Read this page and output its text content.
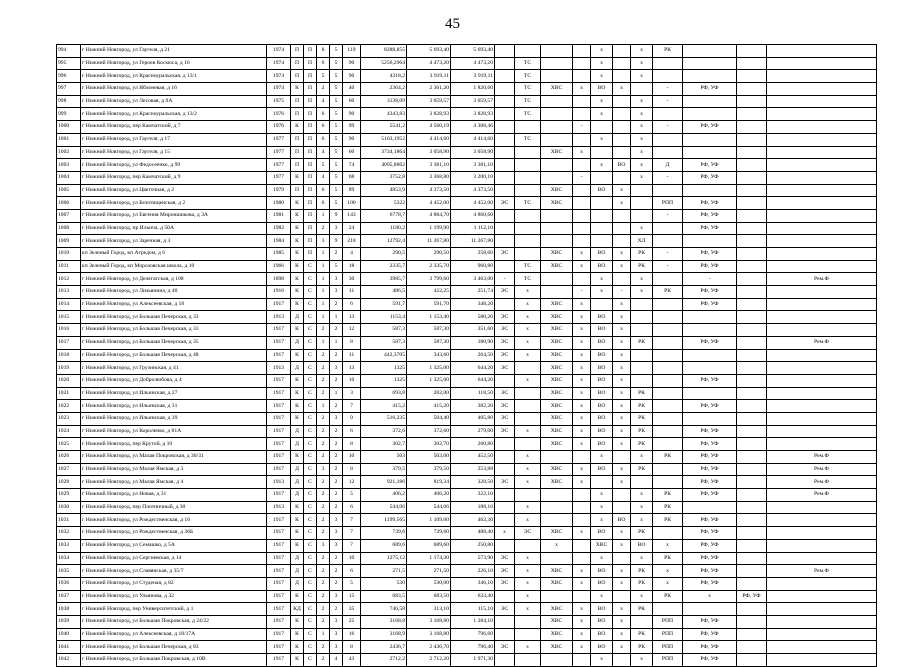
45
994	г Нижний Новгород, ул Гаугеля, д 21	1974	П	П	8	5	119	8288,855	5 693,40	5 693,40					x		x	РК			
995	г Нижний Новгород, ул Героев Космоса, д 16	1974	П	П	6	5	90	5256,2964	4 473,20	4 473,20		ТС			x		x				
996	г Нижний Новгород, ул Красноуральская, д 13/1	1974	П	П	5	5	90	4318,2	3 919,11	3 919,11		ТС			x		x				
997	г Нижний Новгород, ул Яблоневая, д 16	1974	К	П	2	5	40	2364,2	2 361,20	1 820,60		ТС	ХВС	x	ВО	x		-	РФ, УФ		
998	г Нижний Новгород, ул Лесовая, д 9А	1975	П	П	4	5	60	3138,09	3 059,57	3 059,57		ТС			x		x	-			
999	г Нижний Новгород, ул Красноуральская, д 13/2	1976	П	П	6	5	90	4343,83	3 828,93	3 828,93		ТС			x		x				
1000	г Нижний Новгород, пер Камчатский, д 7	1976	К	П	6	5	99	5541,2	4 560,19	4 308,46				-			x	-	РФ, УФ		
1001	г Нижний Новгород, ул Гаугеля, д 17	1977	П	П	6	5	90	5163,1952	4 414,60	4 414,60		ТС			x		x				
1002	г Нижний Новгород, ул Гаугеля, д 15	1977	П	П	4	5	60	3734,1864	3 058,90	3 058,90			ХВС	x			x				
1003	г Нижний Новгород, ул Федосеенко, д 99	1977	П	П	5	5	74	4095,8862	3 381,10	3 381,10					x	ВО	x	Д	РФ, УФ		
1004	г Нижний Новгород, пер Камчатский, д 9	1977	К	П	4	5	68	3752,8	3 368,80	3 200,10				-			x	-	РФ, УФ		
1005	г Нижний Новгород, ул Цветочная, д 2	1979	П	П	6	5	89	4853,9	4 373,50	4 373,50			ХВС		ВО	x					
1006	г Нижний Новгород, ул Безотищенская, д 2	1980	К	П	6	5	100	5322	4 452,00	4 452,00	ЭС	ТС	ХВС			x		РПП	РФ, УФ		
1007	г Нижний Новгород, ул Евгения Мироншикова, д 3А	1981	К	П	1	9	143	6778,7	4 884,70	4 860,60								-	РФ, УФ		
1008	г Нижний Новгород, пр Ильича, д 50А	1982	К	П	2	3	24	1180,2	1 199,90	1 112,10							x		РФ, УФ		
1009	г Нижний Новгород, ул Заречная, д 3	1984	К	П	3	9	218	12792,4	11 267,80	11 267,80							ХЛ				
1010	кп Зеленый Город, кп Агредом, д 6	1985	К	П	1	2	4	290,5	290,50	258,60	ЭС		ХВС	x	ВО	x	РК	-	РФ, УФ		
1011	кп Зеленый Город, кп Морозовская школа, д 10	1966	К	С	1	5	18	2335,7	2 335,70	960,80		ТС	ХВС	x	ВО	x	РК	-	РФ, УФ		
1012	г Нижний Новгород, ул Делегатская, д 108	1898	К	С	1	3	30	3985,7	3 799,60	3 463,00	-	ТС			x		x		-		Рем.Ф
1013	г Нижний Новгород, ул Лизьянина, д 40	1916	К	С	1	3	11	486,5	422,25	251,74	ЭС	x		-	x	-	x	РК	РФ, УФ		
1014	г Нижний Новгород, ул Алексеевская, д 18	1917	К	С	1	2	6	591,7	591,70	348,20		x	ХВС	x		x			РФ, УФ		
1015	г Нижний Новгород, ул Большая Печерская, д 33	1913	Д	С	1	1	13	1153,4	1 153,40	580,20	ЭС	x	ХВС	x	ВО	x					
1016	г Нижний Новгород, ул Большая Печерская, д 33	1917	К	С	2	2	12	587,3	587,30	351,60	ЭС	x	ХВС	x	ВО	x					
1017	г Нижний Новгород, ул Большая Печерская, д 35	1917	Д	С	1	1	8	587,3	587,30	180,90	ЭС	x	ХВС	x	ВО	x	РК		РФ, УФ		Рем.Ф
1018	г Нижний Новгород, ул Большая Печерская, д 48	1917	К	С	2	2	11	442,3705	343,60	264,50	ЭС	x	ХВС	x	ВО	x					
1019	г Нижний Новгород, ул Грузинская, д 41	1913	Д	С	2	3	13	1325	1 325,00	644,20	ЭС		ХВС	x	ВО	x					
1020	г Нижний Новгород, ул Добролюбова, д 4	1917	К	С	2	2	10	1325	1 325,00	644,20		x	ХВС	x	ВО	x			РФ, УФ		
1021	г Нижний Новгород, ул Ильинская, д 27	1917	К	С	2	1	3	693,8	202,00	118,50	ЭС		ХВС	x	ВО	x	РК				
1022	г Нижний Новгород, ул Ильинская, д 31	1917	К	С	1	2	7	415,2	415,20	382,20	ЭС		ХВС	x	ВО	x	РК		РФ, УФ		
1023	г Нижний Новгород, ул Ильинская, д 39	1917	К	С	2	3	9	516,235	504,40	405,80	ЭС		ХВС	x	ВО	x	РК				
1024	г Нижний Новгород, ул Короленко, д 81А	1917	Д	С	2	2	6	372,6	372,60	279,00	ЭС	x	ХВС	x	ВО	x	РК		РФ, УФ		
1025	г Нижний Новгород, пер Крутой, д 10	1917	Д	С	2	2	8	302,7	302,70	260,80			ХВС	x	ВО	x	РК		РФ, УФ		
1026	г Нижний Новгород, ул Малая Покровская, д 30/31	1917	К	С	2	2	10	503	503,00	452,50		x			x		x	РК	РФ, УФ		Рем.Ф
1027	г Нижний Новгород, ул Малая Ямская, д 3	1917	Д	С	3	2	8	379,5	379,50	253,88		x	ХВС	x	ВО	x	РК		РФ, УФ		Рем.Ф
1028	г Нижний Новгород, ул Малая Ямская, д 4	1913	Д	С	2	2	12	921,186	819,34	328,50	ЭС	x	ХВС	x		x			РФ, УФ		Рем.Ф
1029	г Нижний Новгород, ул Новая, д 31	1917	Д	С	2	2	5	406,2	406,20	322,10					x		x	РК	РФ, УФ		Рем.Ф
1030	г Нижний Новгород, пер Плотничный, д 30	1913	К	С	2	2	6	544,06	544,06	188,16		x			x		x	РК			
1031	г Нижний Новгород, ул Рождественская, д 16	1917	К	С	2	3	7	1199,565	1 109,60	462,30		x			x	ВО	x	РК	РФ, УФ		
1032	г Нижний Новгород, ул Рождественская, д 36Б	1917	К	С	2	3	7	739,6	739,60	488,40	x	ЭС	ХВС	x	ВО	x	РК		РФ, УФ		
1033	г Нижний Новгород, ул Семашко, д 5А	1917	К	С	3	3	7	689,6	689,60	250,80			x		ХВС	x	ВО	x	РФ, УФ		
1034	г Нижний Новгород, ул Сергиевская, д 14	1917	Д	С	2	2	10	1275,12	1 174,30	573,90	ЭС	x			x		x	РК	РФ, УФ		
1035	г Нижний Новгород, ул Славянская, д 35/7	1917	Д	С	2	2	6	271,5	271,50	226,10	ЭС	x	ХВС	x	ВО	x	РК	x	РФ, УФ		Рем.Ф
1036	г Нижний Новгород, ул Студеная, д 82	1917	Д	С	2	2	5	530	530,00	346,10	ЭС	x	ХВС	x	ВО	x	РК	x	РФ, УФ		
1037	г Нижний Новгород, ул Ульянова, д 32	1917	К	С	2	3	15	683,5	683,50	633,40		x			x		x	РК	x	РФ, УФ	
1038	г Нижний Новгород, пер Университетский, д 1	1917	КД	С	2	2	35	746,58	313,10	115,10	ЭС	x	ХВС	x	ВО	x	РК				
1039	г Нижний Новгород, ул Большая Покровская, д 24/22	1917	К	С	2	3	25	3168,8	3 168,80	1 284,10			ХВС	x	ВО	x		РПП	РФ, УФ		
1040	г Нижний Новгород, ул Алексеевская, д 18/17А	1917	К	С	1	3	16	3168,9	3 168,80	796,60			ХВС	x	ВО	x	РК	РПП	РФ, УФ		
1041	г Нижний Новгород, ул Большая Печерская, д 83	1917	К	С	2	3	8	2436,7	2 436,70	796,40	ЭС	x	ХВС	x	ВО	x	РК	РПП	РФ, УФ		
1042	г Нижний Новгород, ул Большая Покровская, д 10В	1917	К	С	2	4	43	2712,2	2 712,20	1 971,30					x		x	РПП	РФ, УФ		
